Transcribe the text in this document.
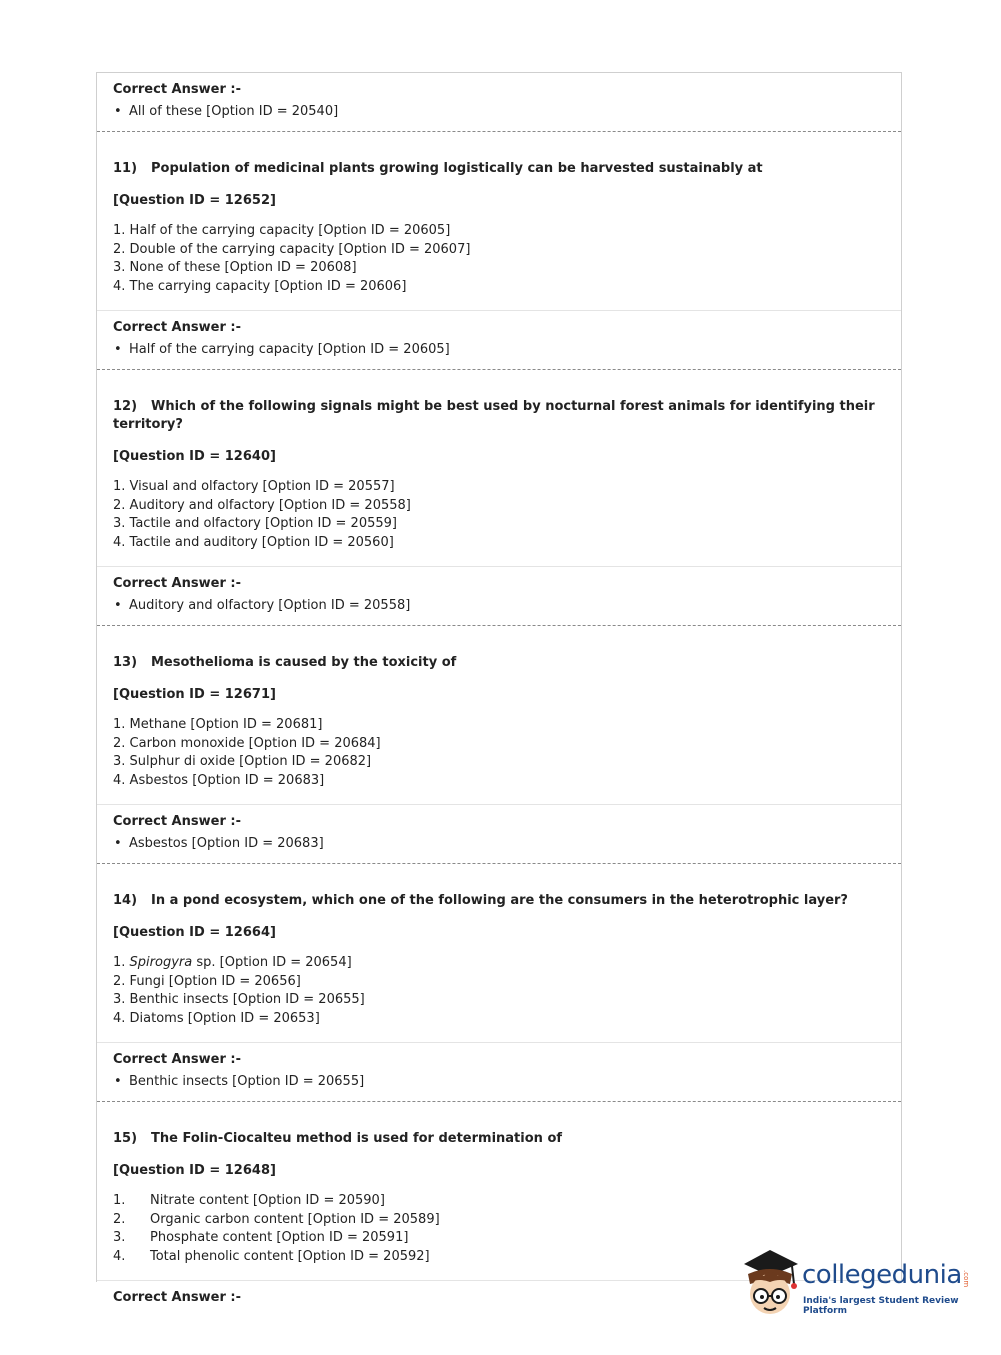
Correct Answer :-
• All of these [Option ID = 20540]
11) Population of medicinal plants growing logistically can be harvested sustainably at
[Question ID = 12652]
1. Half of the carrying capacity [Option ID = 20605]
2. Double of the carrying capacity [Option ID = 20607]
3. None of these [Option ID = 20608]
4. The carrying capacity [Option ID = 20606]
Correct Answer :-
• Half of the carrying capacity [Option ID = 20605]
12) Which of the following signals might be best used by nocturnal forest animals for identifying their territory?
[Question ID = 12640]
1. Visual and olfactory [Option ID = 20557]
2. Auditory and olfactory [Option ID = 20558]
3. Tactile and olfactory [Option ID = 20559]
4. Tactile and auditory [Option ID = 20560]
Correct Answer :-
• Auditory and olfactory [Option ID = 20558]
13) Mesothelioma is caused by the toxicity of
[Question ID = 12671]
1. Methane [Option ID = 20681]
2. Carbon monoxide [Option ID = 20684]
3. Sulphur di oxide [Option ID = 20682]
4. Asbestos [Option ID = 20683]
Correct Answer :-
• Asbestos [Option ID = 20683]
14) In a pond ecosystem, which one of the following are the consumers in the heterotrophic layer?
[Question ID = 12664]
1. Spirogyra sp. [Option ID = 20654]
2. Fungi [Option ID = 20656]
3. Benthic insects [Option ID = 20655]
4. Diatoms [Option ID = 20653]
Correct Answer :-
• Benthic insects [Option ID = 20655]
15) The Folin-Ciocalteu method is used for determination of
[Question ID = 12648]
1. Nitrate content [Option ID = 20590]
2. Organic carbon content [Option ID = 20589]
3. Phosphate content [Option ID = 20591]
4. Total phenolic content [Option ID = 20592]
Correct Answer :-
collegedunia .com
India's largest Student Review Platform
